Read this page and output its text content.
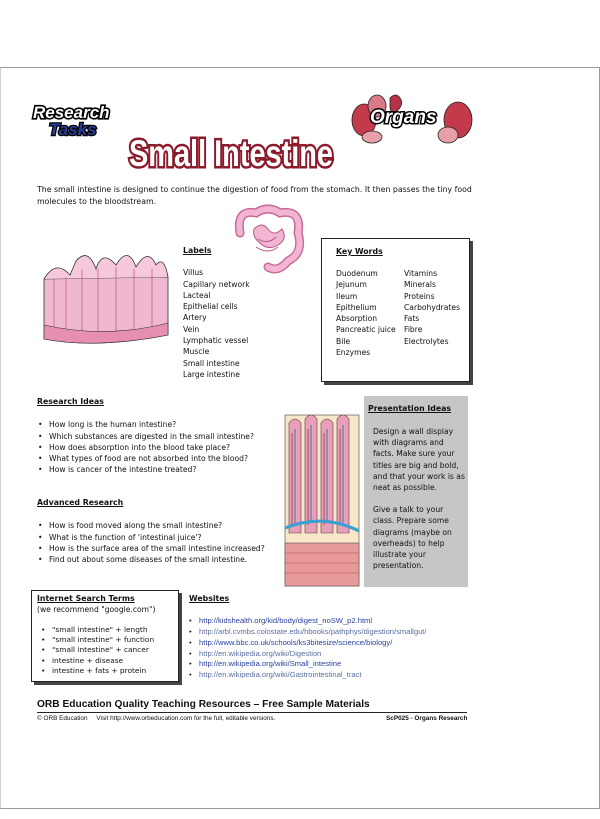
Research
Tasks
Small Intestine
Organs
The small intestine is designed to continue the digestion of food from the stomach. It then passes the tiny food molecules to the bloodstream.
Labels
Villus
Capillary network
Lacteal
Epithelial cells
Artery
Vein
Lymphatic vessel
Muscle
Small intestine
Large intestine
Key Words
Duodenum
Jejunum
Ileum
Epithelium
Absorption
Pancreatic juice
Bile
Enzymes
Vitamins
Minerals
Proteins
Carbohydrates
Fats
Fibre
Electrolytes
Research Ideas
• How long is the human intestine?
• Which substances are digested in the small intestine?
• How does absorption into the blood take place?
• What types of food are not absorbed into the blood?
• How is cancer of the intestine treated?
Advanced Research
• How is food moved along the small intestine?
• What is the function of 'intestinal juice'?
• How is the surface area of the small intestine increased?
• Find out about some diseases of the small intestine.
Presentation Ideas
Design a wall display with diagrams and facts. Make sure your titles are big and bold, and that your work is as neat as possible.
Give a talk to your class. Prepare some diagrams (maybe on overheads) to help illustrate your presentation.
Internet Search Terms
(we recommend "google.com")
• "small intestine" + length
• "small intestine" + function
• "small intestine" + cancer
• intestine + disease
• intestine + fats + protein
Websites
• http://kidshealth.org/kid/body/digest_noSW_p2.html
• http://arbl.cvmbs.colostate.edu/hbooks/pathphys/digestion/smallgut/
• http://www.bbc.co.uk/schools/ks3bitesize/science/biology/
• http://en.wikipedia.org/wiki/Digestion
• http://en.wikipedia.org/wiki/Small_intestine
• http://en.wikipedia.org/wiki/Gastrointestinal_tract
ORB Education Quality Teaching Resources – Free Sample Materials
© ORB Education     Visit http://www.orbeducation.com for the full, editable versions.	ScP025 - Organs Research
